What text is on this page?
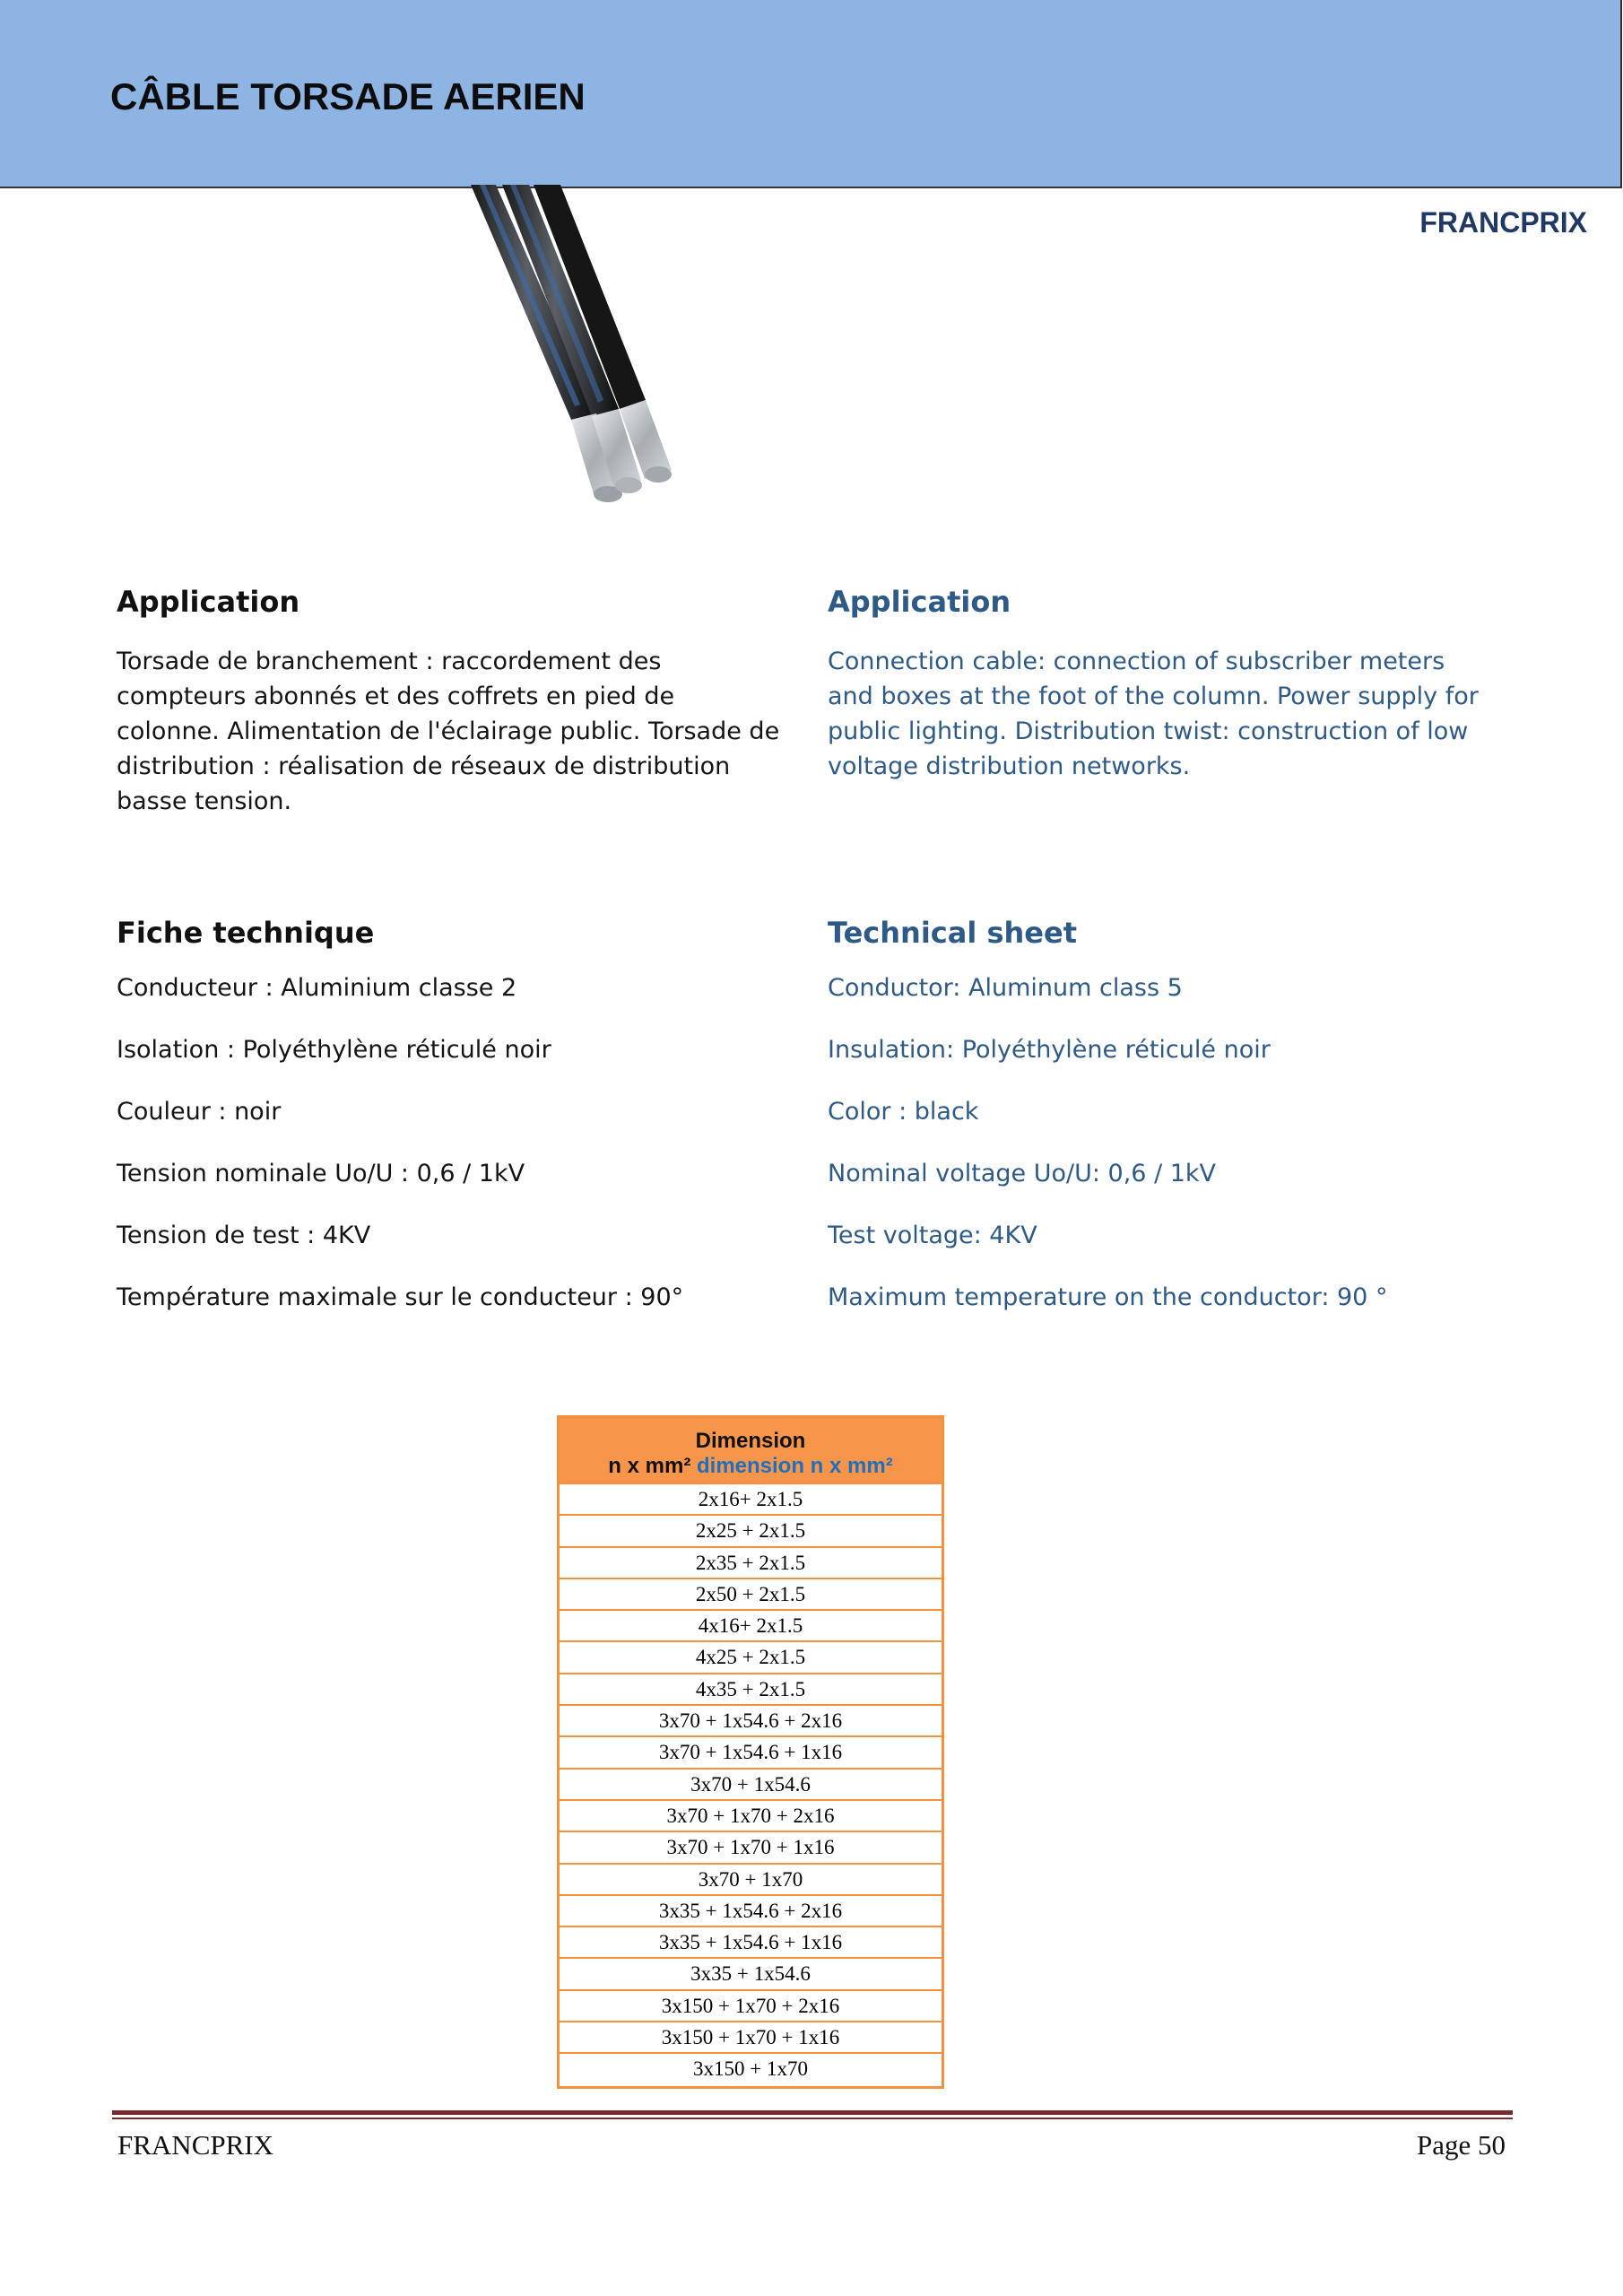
CÂBLE TORSADE AERIEN
FRANCPRIX
Application

Torsade de branchement : raccordement des compteurs abonnés et des coffrets en pied de colonne. Alimentation de l'éclairage public. Torsade de distribution : réalisation de réseaux de distribution basse tension.

Application

Connection cable: connection of subscriber meters and boxes at the foot of the column. Power supply for public lighting. Distribution twist: construction of low voltage distribution networks.

Fiche technique

Conducteur : Aluminium classe 2

Isolation : Polyéthylène réticulé noir

Couleur : noir

Tension nominale Uo/U : 0,6 / 1kV

Tension de test : 4KV

Température maximale sur le conducteur : 90°

Technical sheet

Conductor: Aluminum class 5

Insulation: Polyéthylène réticulé noir

Color : black

Nominal voltage Uo/U: 0,6 / 1kV

Test voltage: 4KV

Maximum temperature on the conductor: 90 °

Dimension
n x mm² dimension n x mm²
2x16+ 2x1.5
2x25 + 2x1.5
2x35 + 2x1.5
2x50 + 2x1.5
4x16+ 2x1.5
4x25 + 2x1.5
4x35 + 2x1.5
3x70 + 1x54.6 + 2x16
3x70 + 1x54.6 + 1x16
3x70 + 1x54.6
3x70 + 1x70 + 2x16
3x70 + 1x70 + 1x16
3x70 + 1x70
3x35 + 1x54.6 + 2x16
3x35 + 1x54.6 + 1x16
3x35 + 1x54.6
3x150 + 1x70 + 2x16
3x150 + 1x70 + 1x16
3x150 + 1x70
FRANCPRIX	Page 50
